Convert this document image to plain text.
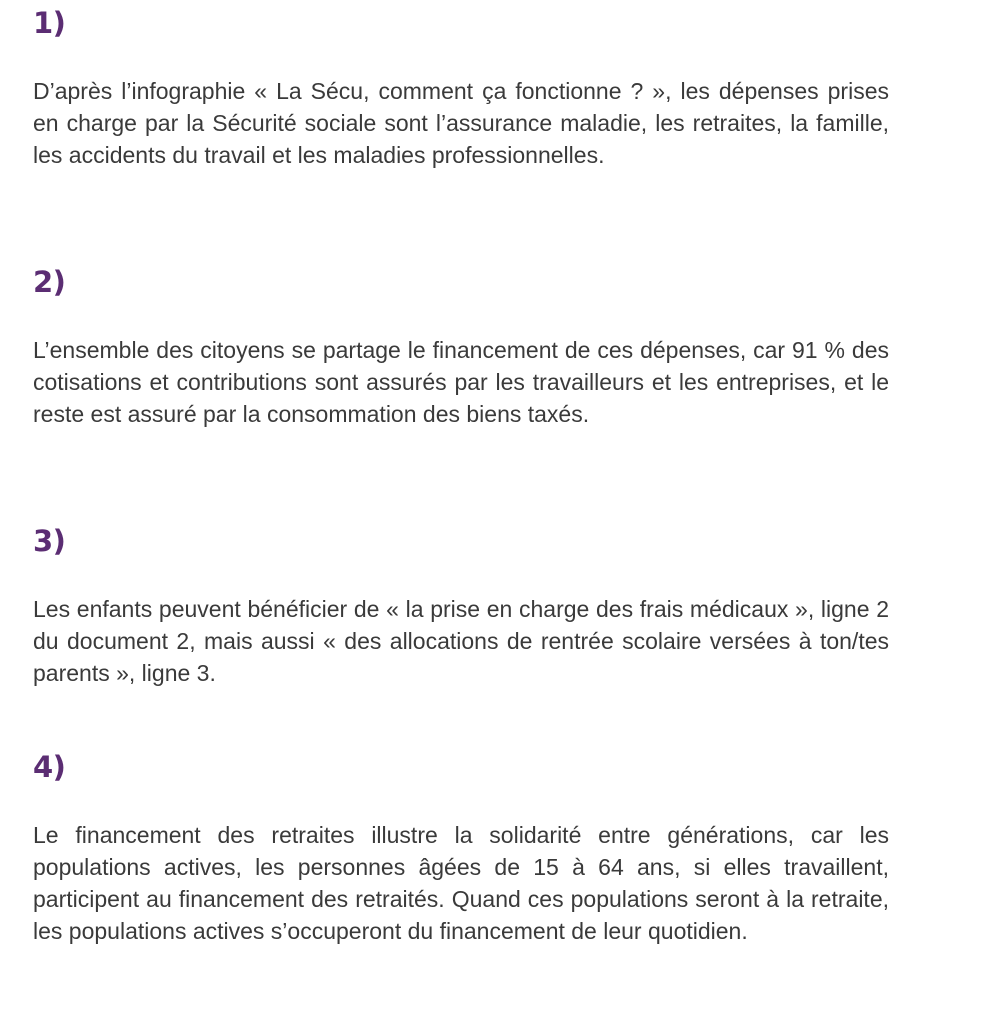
1)

D’après l’infographie « La Sécu, comment ça fonctionne ? », les dépenses prises en charge par la Sécurité sociale sont l’assurance maladie, les retraites, la famille, les accidents du travail et les maladies professionnelles.

2)

L’ensemble des citoyens se partage le financement de ces dépenses, car 91 % des cotisations et contributions sont assurés par les travailleurs et les entreprises, et le reste est assuré par la consommation des biens taxés.

3)

Les enfants peuvent bénéficier de « la prise en charge des frais médicaux », ligne 2 du document 2, mais aussi « des allocations de rentrée scolaire versées à ton/tes parents », ligne 3.

4)

Le financement des retraites illustre la solidarité entre générations, car les populations actives, les personnes âgées de 15 à 64 ans, si elles travaillent, participent au financement des retraités. Quand ces populations seront à la retraite, les populations actives s’occuperont du financement de leur quotidien.
